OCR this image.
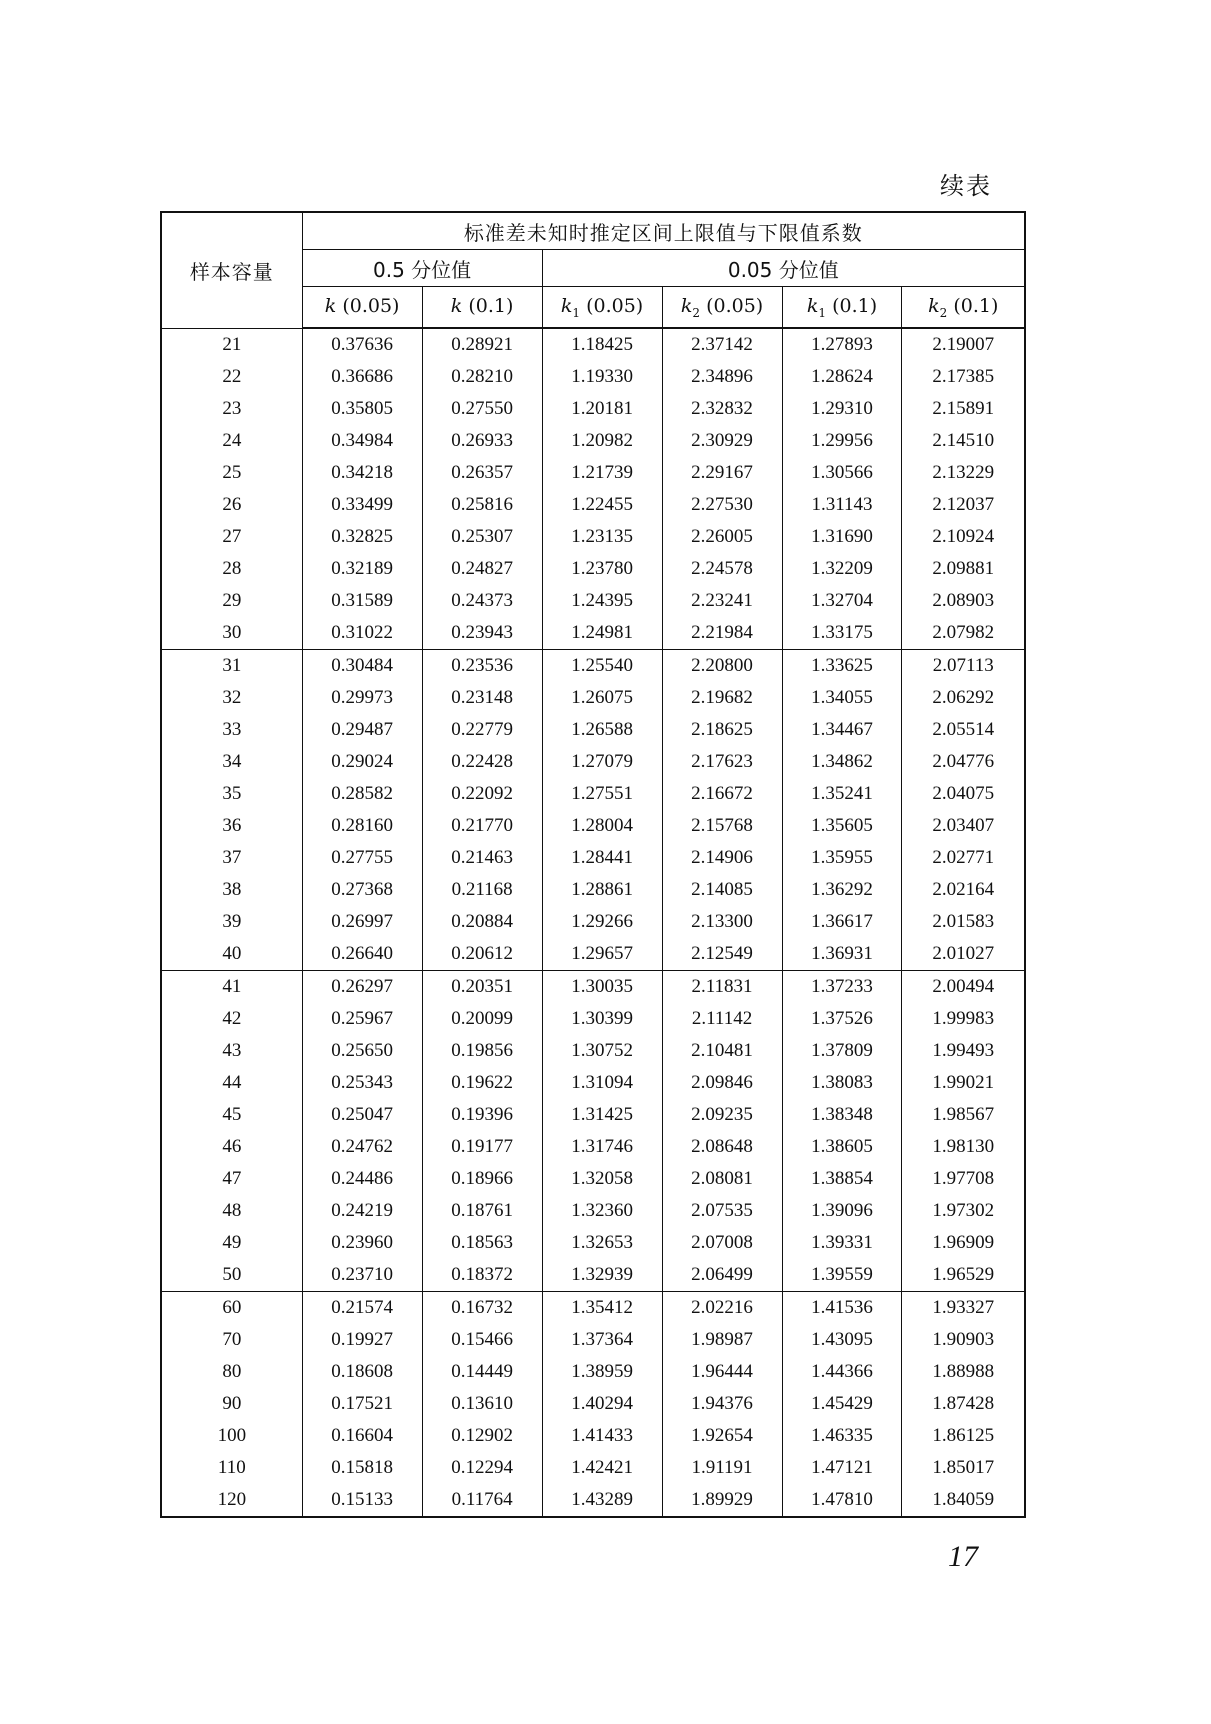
续表
样本容量	标准差未知时推定区间上限值与下限值系数					
	0.5 分位值		0.05 分位值			
	k (0.05)	k (0.1)	$k_1$ (0.05)	$k_2$ (0.05)	$k_1$ (0.1)	$k_2$ (0.1)
21	0.37636	0.28921	1.18425	2.37142	1.27893	2.19007
22	0.36686	0.28210	1.19330	2.34896	1.28624	2.17385
23	0.35805	0.27550	1.20181	2.32832	1.29310	2.15891
24	0.34984	0.26933	1.20982	2.30929	1.29956	2.14510
25	0.34218	0.26357	1.21739	2.29167	1.30566	2.13229
26	0.33499	0.25816	1.22455	2.27530	1.31143	2.12037
27	0.32825	0.25307	1.23135	2.26005	1.31690	2.10924
28	0.32189	0.24827	1.23780	2.24578	1.32209	2.09881
29	0.31589	0.24373	1.24395	2.23241	1.32704	2.08903
30	0.31022	0.23943	1.24981	2.21984	1.33175	2.07982
31	0.30484	0.23536	1.25540	2.20800	1.33625	2.07113
32	0.29973	0.23148	1.26075	2.19682	1.34055	2.06292
33	0.29487	0.22779	1.26588	2.18625	1.34467	2.05514
34	0.29024	0.22428	1.27079	2.17623	1.34862	2.04776
35	0.28582	0.22092	1.27551	2.16672	1.35241	2.04075
36	0.28160	0.21770	1.28004	2.15768	1.35605	2.03407
37	0.27755	0.21463	1.28441	2.14906	1.35955	2.02771
38	0.27368	0.21168	1.28861	2.14085	1.36292	2.02164
39	0.26997	0.20884	1.29266	2.13300	1.36617	2.01583
40	0.26640	0.20612	1.29657	2.12549	1.36931	2.01027
41	0.26297	0.20351	1.30035	2.11831	1.37233	2.00494
42	0.25967	0.20099	1.30399	2.11142	1.37526	1.99983
43	0.25650	0.19856	1.30752	2.10481	1.37809	1.99493
44	0.25343	0.19622	1.31094	2.09846	1.38083	1.99021
45	0.25047	0.19396	1.31425	2.09235	1.38348	1.98567
46	0.24762	0.19177	1.31746	2.08648	1.38605	1.98130
47	0.24486	0.18966	1.32058	2.08081	1.38854	1.97708
48	0.24219	0.18761	1.32360	2.07535	1.39096	1.97302
49	0.23960	0.18563	1.32653	2.07008	1.39331	1.96909
50	0.23710	0.18372	1.32939	2.06499	1.39559	1.96529
60	0.21574	0.16732	1.35412	2.02216	1.41536	1.93327
70	0.19927	0.15466	1.37364	1.98987	1.43095	1.90903
80	0.18608	0.14449	1.38959	1.96444	1.44366	1.88988
90	0.17521	0.13610	1.40294	1.94376	1.45429	1.87428
100	0.16604	0.12902	1.41433	1.92654	1.46335	1.86125
110	0.15818	0.12294	1.42421	1.91191	1.47121	1.85017
120	0.15133	0.11764	1.43289	1.89929	1.47810	1.84059
17
